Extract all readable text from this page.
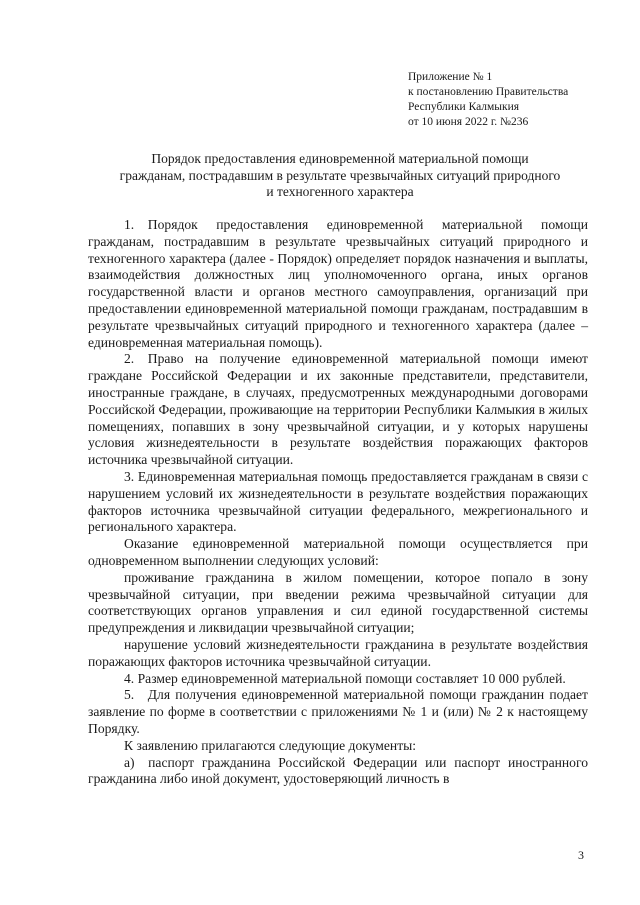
Приложение № 1
к постановлению Правительства
Республики Калмыкия
от 10 июня 2022 г. №236
Порядок предоставления единовременной материальной помощи
гражданам, пострадавшим в результате чрезвычайных ситуаций природного
и техногенного характера

1. Порядок предоставления единовременной материальной помощи гражданам, пострадавшим в результате чрезвычайных ситуаций природного и техногенного характера (далее - Порядок) определяет порядок назначения и выплаты, взаимодействия должностных лиц уполномоченного органа, иных органов государственной власти и органов местного самоуправления, организаций при предоставлении единовременной материальной помощи гражданам, пострадавшим в результате чрезвычайных ситуаций природного и техногенного характера (далее – единовременная материальная помощь).

2. Право на получение единовременной материальной помощи имеют граждане Российской Федерации и их законные представители, представители, иностранные граждане, в случаях, предусмотренных международными договорами Российской Федерации, проживающие на территории Республики Калмыкия в жилых помещениях, попавших в зону чрезвычайной ситуации, и у которых нарушены условия жизнедеятельности в результате воздействия поражающих факторов источника чрезвычайной ситуации.

3. Единовременная материальная помощь предоставляется гражданам в связи с нарушением условий их жизнедеятельности в результате воздействия поражающих факторов источника чрезвычайной ситуации федерального, межрегионального и регионального характера.

Оказание единовременной материальной помощи осуществляется при одновременном выполнении следующих условий:

проживание гражданина в жилом помещении, которое попало в зону чрезвычайной ситуации, при введении режима чрезвычайной ситуации для соответствующих органов управления и сил единой государственной системы предупреждения и ликвидации чрезвычайной ситуации;

нарушение условий жизнедеятельности гражданина в результате воздействия поражающих факторов источника чрезвычайной ситуации.

4. Размер единовременной материальной помощи составляет 10 000 рублей.

5. Для получения единовременной материальной помощи гражданин подает заявление по форме в соответствии с приложениями № 1 и (или) № 2 к настоящему Порядку.

К заявлению прилагаются следующие документы:

а) паспорт гражданина Российской Федерации или паспорт иностранного гражданина либо иной документ, удостоверяющий личность в

3
